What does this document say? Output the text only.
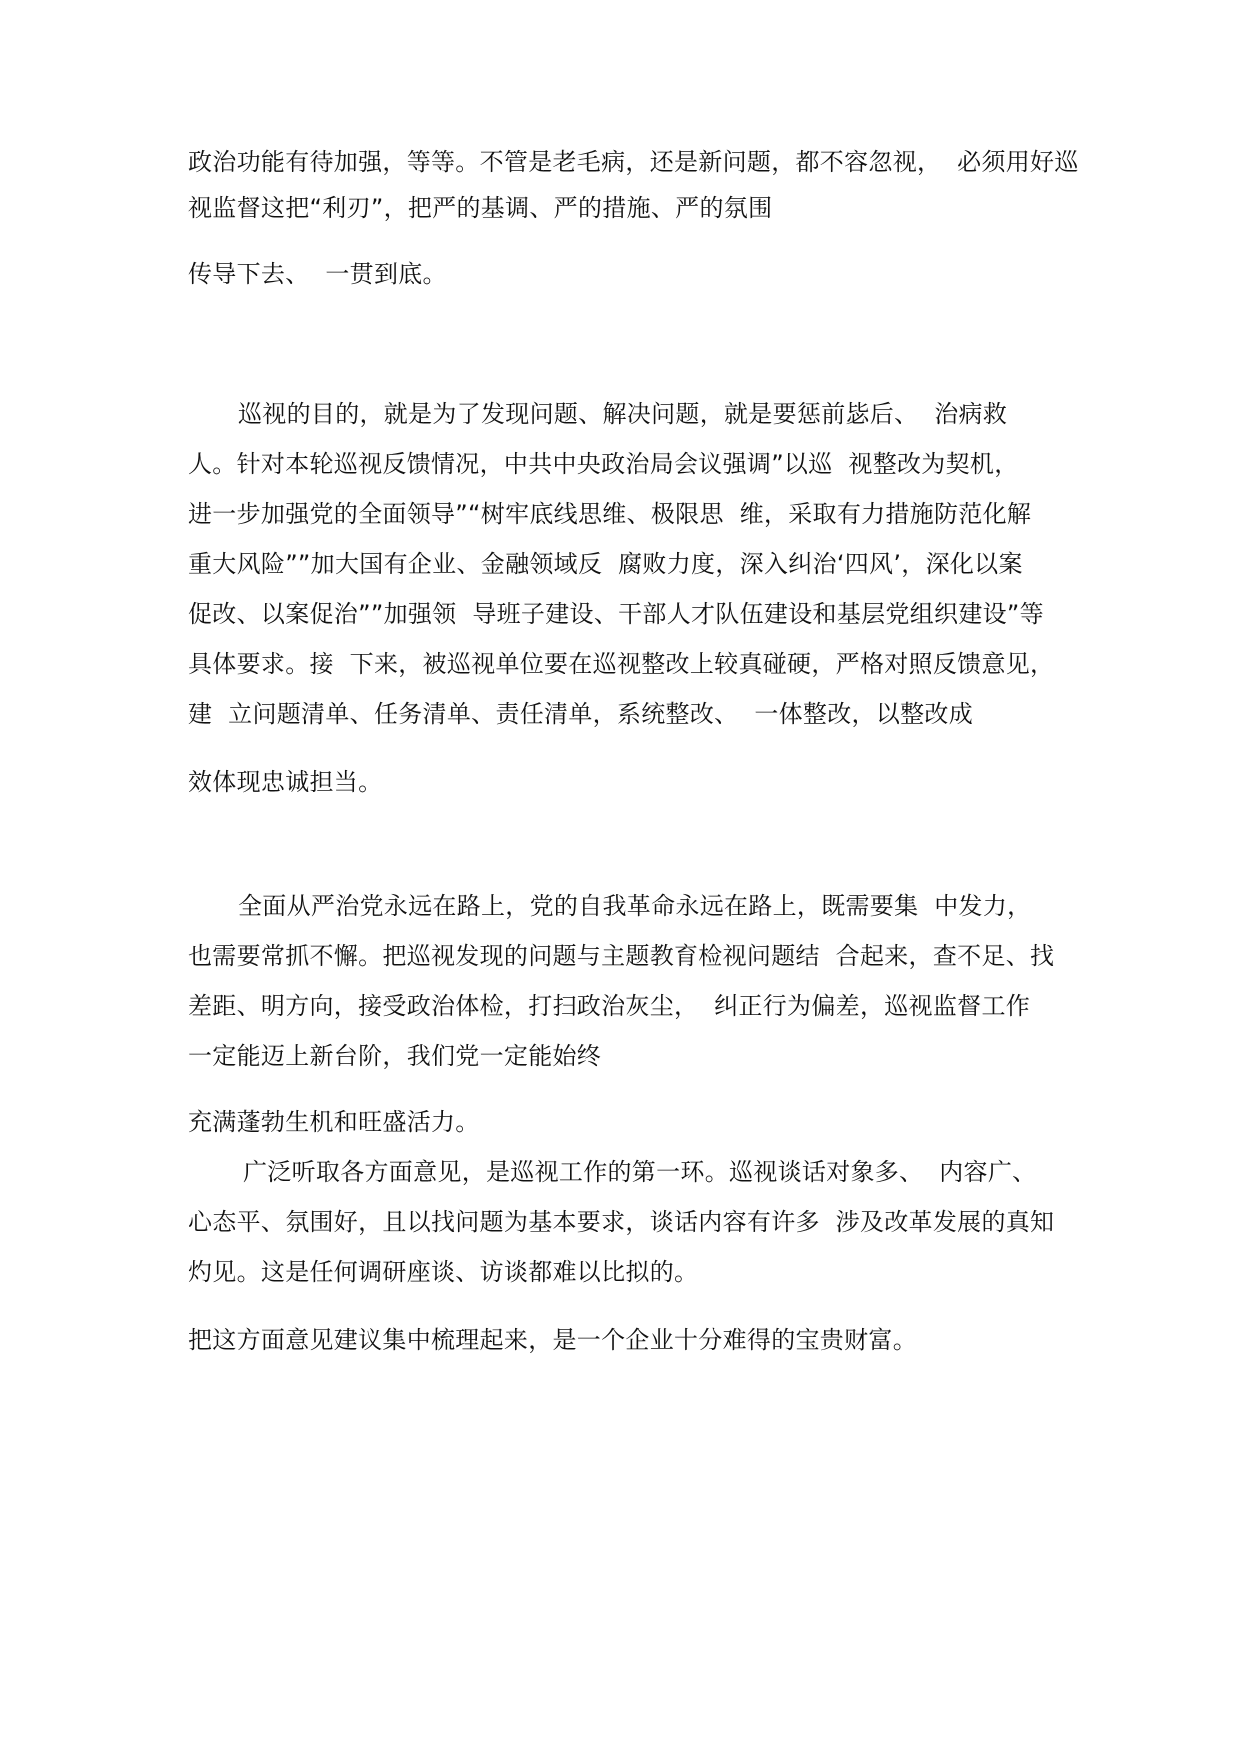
政治功能有待加强，等等。不管是老毛病，还是新问题，都不容忽视，  必须用好巡

视监督这把“利刃”，把严的基调、严的措施、严的氛围

传导下去、  一贯到底。

巡视的目的，就是为了发现问题、解决问题，就是要惩前毖后、  治病救

人。针对本轮巡视反馈情况，中共中央政治局会议强调”以巡  视整改为契机，

进一步加强党的全面领导”“树牢底线思维、极限思  维，采取有力措施防范化解

重大风险””加大国有企业、金融领域反  腐败力度，深入纠治‘四风’，深化以案

促改、以案促治””加强领  导班子建设、干部人才队伍建设和基层党组织建设”等

具体要求。接  下来，被巡视单位要在巡视整改上较真碰硬，严格对照反馈意见，

建  立问题清单、任务清单、责任清单，系统整改、  一体整改，以整改成

效体现忠诚担当。

全面从严治党永远在路上，党的自我革命永远在路上，既需要集  中发力，

也需要常抓不懈。把巡视发现的问题与主题教育检视问题结  合起来，查不足、找

差距、明方向，接受政治体检，打扫政治灰尘，  纠正行为偏差，巡视监督工作

一定能迈上新台阶，我们党一定能始终

充满蓬勃生机和旺盛活力。

广泛听取各方面意见，是巡视工作的第一环。巡视谈话对象多、  内容广、

心态平、氛围好，且以找问题为基本要求，谈话内容有许多  涉及改革发展的真知

灼见。这是任何调研座谈、访谈都难以比拟的。

把这方面意见建议集中梳理起来，是一个企业十分难得的宝贵财富。
